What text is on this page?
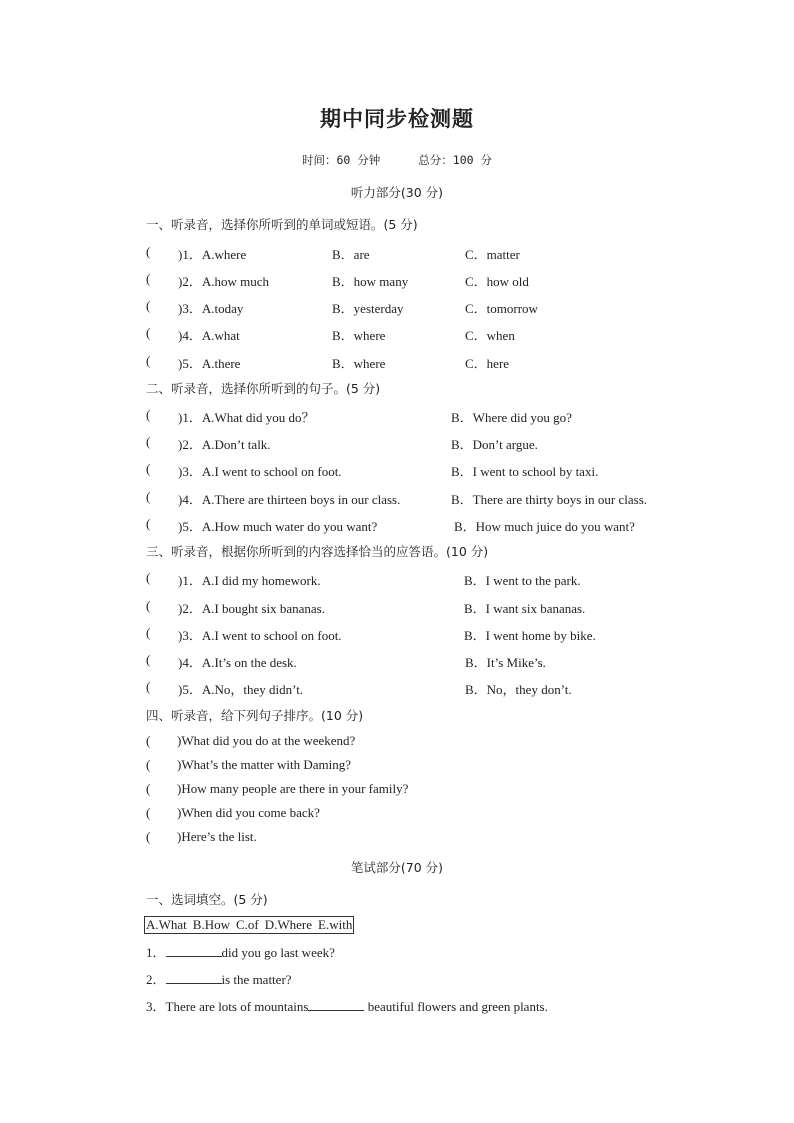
期中同步检测题
时间：60 分钟	总分：100 分
听力部分(30 分)
一、听录音，选择你所听到的单词或短语。(5 分)
( )1．A.where	B．are	C．matter
( )2．A.how much	B．how many	C．how old
( )3．A.today	B．yesterday	C．tomorrow
( )4．A.what	B．where	C．when
( )5．A.there	B．where	C．here
二、听录音，选择你所听到的句子。(5 分)
( )1．A.What did you do？	B．Where did you go?
( )2．A.Don’t talk.	B．Don’t argue.
( )3．A.I went to school on foot.	B．I went to school by taxi.
( )4．A.There are thirteen boys in our class.	B．There are thirty boys in our class.
( )5．A.How much water do you want?	B．How much juice do you want?
三、听录音，根据你所听到的内容选择恰当的应答语。(10 分)
( )1．A.I did my homework.	B．I went to the park.
( )2．A.I bought six bananas.	B．I want six bananas.
( )3．A.I went to school on foot.	B．I went home by bike.
( )4．A.It’s on the desk.	B．It’s Mike’s.
( )5．A.No，they didn’t.	B．No，they don’t.
四、听录音，给下列句子排序。(10 分)
( )What did you do at the weekend?
( )What’s the matter with Daming?
( )How many people are there in your family?
( )When did you come back?
( )Here’s the list.
笔试部分(70 分)
一、选词填空。(5 分)
A.What B.How C.of D.Where E.with
1．	did you go last week?
2．	is the matter?
3．There are lots of mountains	beautiful flowers and green plants.
